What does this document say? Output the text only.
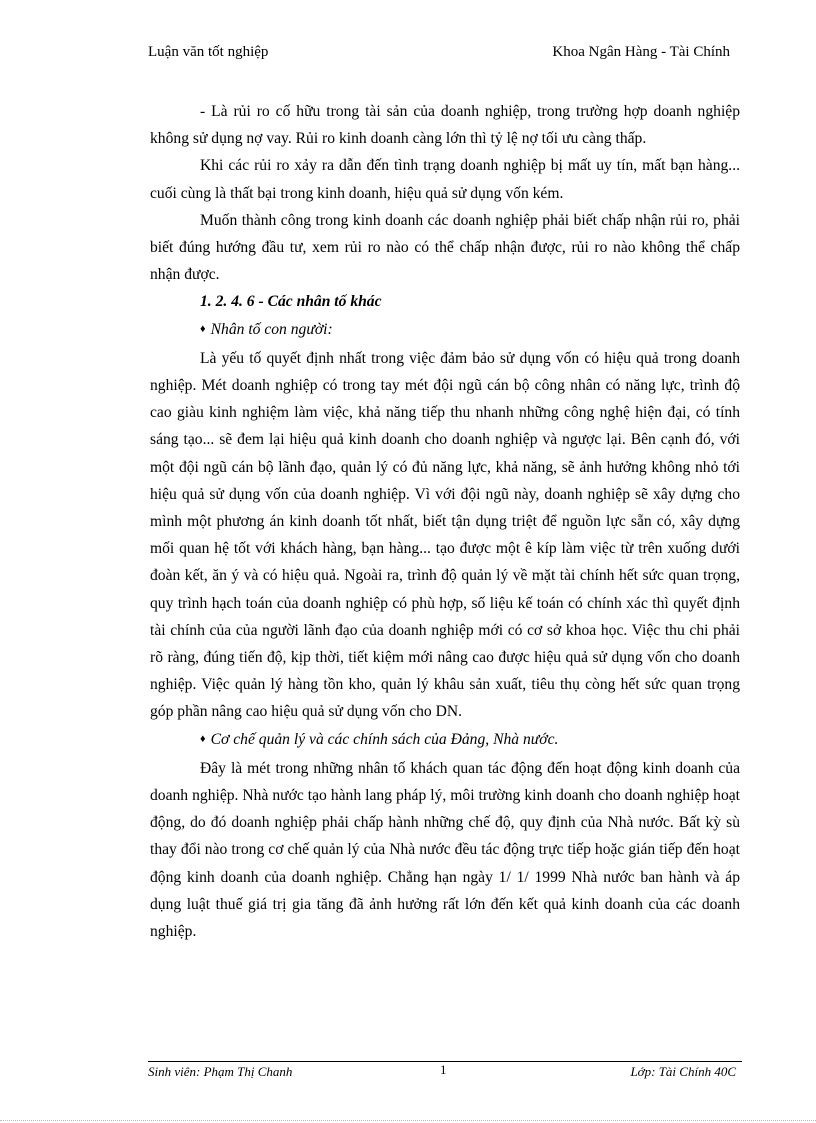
Luận văn tốt nghiệp	Khoa Ngân Hàng - Tài Chính

- Là rủi ro cố hữu trong tài sản của doanh nghiệp, trong trường hợp doanh nghiệp không sử dụng nợ vay. Rủi ro kinh doanh càng lớn thì tỷ lệ nợ tối ưu càng thấp.

Khi các rủi ro xảy ra dẫn đến tình trạng doanh nghiệp bị mất uy tín, mất bạn hàng... cuối cùng là thất bại trong kinh doanh, hiệu quả sử dụng vốn kém.

Muốn thành công trong kinh doanh các doanh nghiệp phải biết chấp nhận rủi ro, phải biết đúng hướng đầu tư, xem rủi ro nào có thể chấp nhận được, rủi ro nào không thể chấp nhận được.

1. 2. 4. 6 - Các nhân tố khác
♦ Nhân tố con người:

Là yếu tố quyết định nhất trong việc đảm bảo sử dụng vốn có hiệu quả trong doanh nghiệp. Mét doanh nghiệp có trong tay mét đội ngũ cán bộ công nhân có năng lực, trình độ cao giàu kinh nghiệm làm việc, khả năng tiếp thu nhanh những công nghệ hiện đại, có tính sáng tạo... sẽ đem lại hiệu quả kinh doanh cho doanh nghiệp và ngược lại. Bên cạnh đó, với một đội ngũ cán bộ lãnh đạo, quản lý có đủ năng lực, khả năng, sẽ ảnh hưởng không nhỏ tới hiệu quả sử dụng vốn của doanh nghiệp. Vì với đội ngũ này, doanh nghiệp sẽ xây dựng cho mình một phương án kinh doanh tốt nhất, biết tận dụng triệt để nguồn lực sẵn có, xây dựng mối quan hệ tốt với khách hàng, bạn hàng... tạo được một ê kíp làm việc từ trên xuống dưới đoàn kết, ăn ý và có hiệu quả. Ngoài ra, trình độ quản lý về mặt tài chính hết sức quan trọng, quy trình hạch toán của doanh nghiệp có phù hợp, số liệu kế toán có chính xác thì quyết định tài chính của của người lãnh đạo của doanh nghiệp mới có cơ sở khoa học. Việc thu chi phải rõ ràng, đúng tiến độ, kịp thời, tiết kiệm mới nâng cao được hiệu quả sử dụng vốn cho doanh nghiệp. Việc quản lý hàng tồn kho, quản lý khâu sản xuất, tiêu thụ còng hết sức quan trọng góp phần nâng cao hiệu quả sử dụng vốn cho DN.

♦ Cơ chế quản lý và các chính sách của Đảng, Nhà nước.

Đây là mét trong những nhân tố khách quan tác động đến hoạt động kinh doanh của doanh nghiệp. Nhà nước tạo hành lang pháp lý, môi trường kinh doanh cho doanh nghiệp hoạt động, do đó doanh nghiệp phải chấp hành những chế độ, quy định của Nhà nước. Bất kỳ sù thay đổi nào trong cơ chế quản lý của Nhà nước đều tác động trực tiếp hoặc gián tiếp đến hoạt động kinh doanh của doanh nghiệp. Chẳng hạn ngày 1/ 1/ 1999 Nhà nước ban hành và áp dụng luật thuế giá trị gia tăng đã ảnh hưởng rất lớn đến kết quả kinh doanh của các doanh nghiệp.

Sinh viên: Phạm Thị Chanh	1	Lớp: Tài Chính 40C
